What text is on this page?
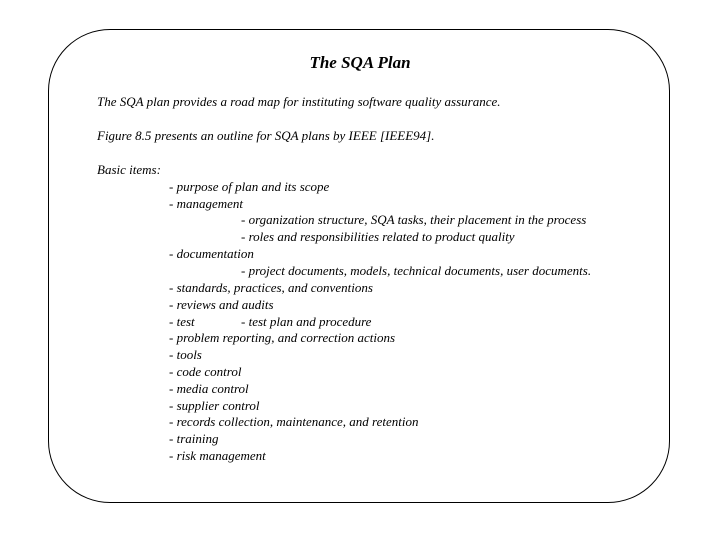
The SQA Plan
The SQA plan provides a road map for instituting software quality assurance.
Figure 8.5 presents an outline for SQA plans by IEEE [IEEE94].
Basic items:
- purpose of plan and its scope
- management
- organization structure, SQA tasks, their placement in the process
- roles and responsibilities related to product quality
- documentation
- project documents, models, technical documents, user documents.
- standards, practices, and conventions
- reviews and audits
- test	- test plan and procedure
- problem reporting, and correction actions
- tools
- code control
- media control
- supplier control
- records collection, maintenance, and retention
- training
- risk management
